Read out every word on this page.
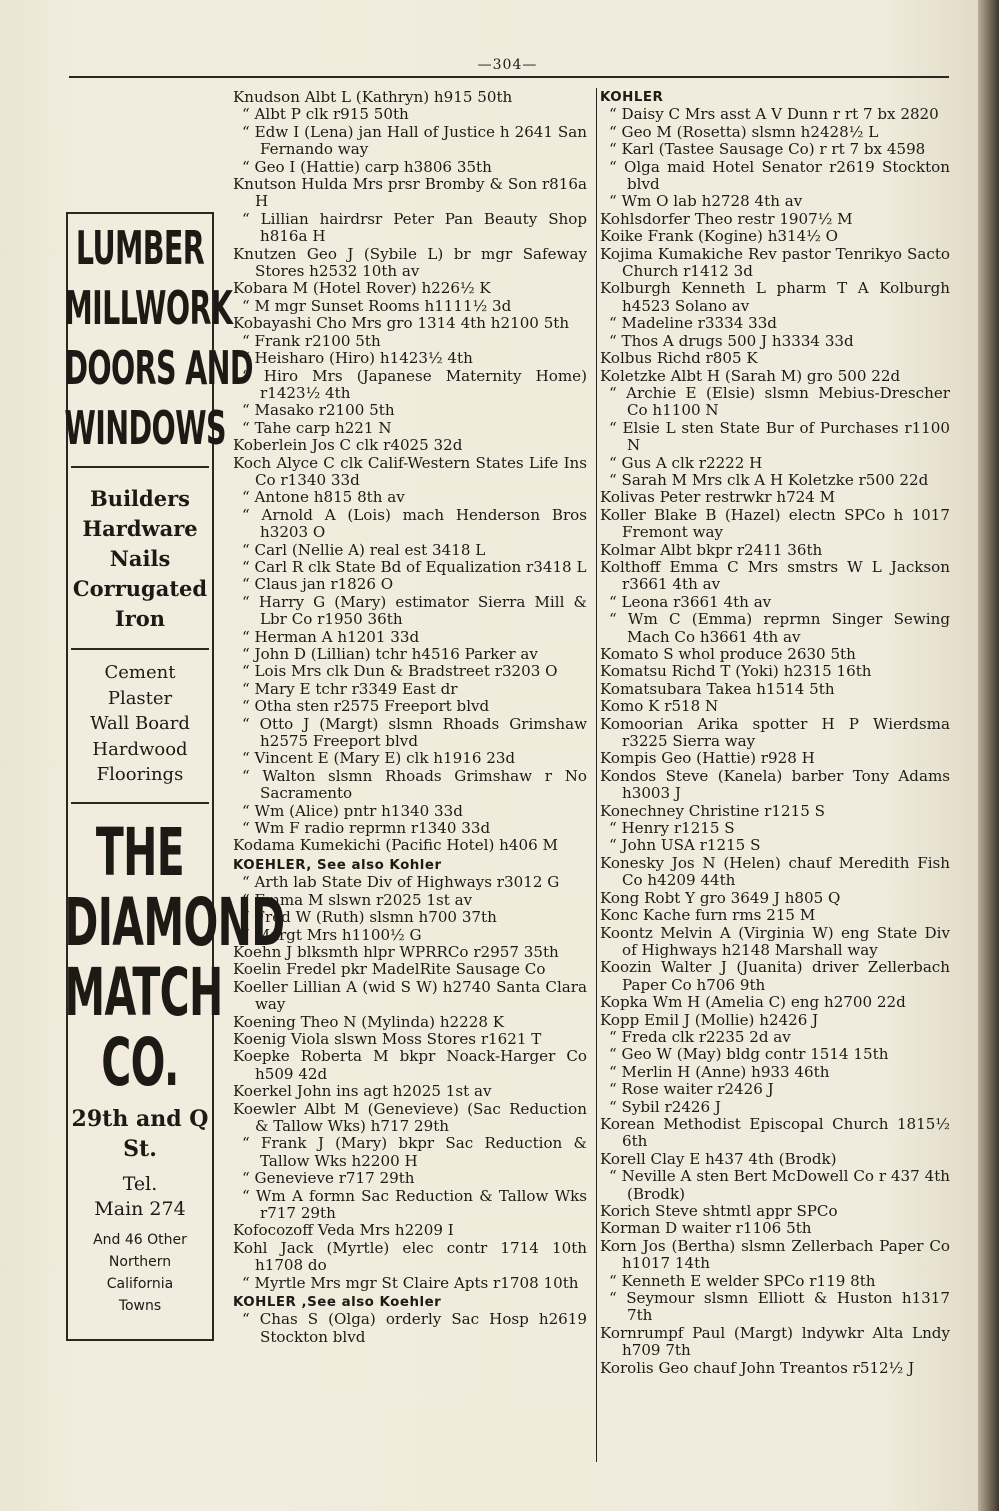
—304—
LUMBER
MILLWORK
DOORS AND
WINDOWS
Builders
Hardware
Nails
Corrugated
Iron
Cement
Plaster
Wall Board
Hardwood
Floorings
THE
DIAMOND
MATCH
CO.
29th and Q
St.
Tel.
Main 274
And 46 Other
Northern
California
Towns

Knudson Albt L (Kathryn) h915 50th

“ Albt P clk r915 50th

“ Edw I (Lena) jan Hall of Justice h 2641 San Fernando way

“ Geo I (Hattie) carp h3806 35th

Knutson Hulda Mrs prsr Bromby & Son r816a H

“ Lillian hairdrsr Peter Pan Beauty Shop h816a H

Knutzen Geo J (Sybile L) br mgr Safeway Stores h2532 10th av

Kobara M (Hotel Rover) h226½ K

“ M mgr Sunset Rooms h1111½ 3d

Kobayashi Cho Mrs gro 1314 4th h2100 5th

“ Frank r2100 5th

“ Heisharo (Hiro) h1423½ 4th

“ Hiro Mrs (Japanese Maternity Home) r1423½ 4th

“ Masako r2100 5th

“ Tahe carp h221 N

Koberlein Jos C clk r4025 32d

Koch Alyce C clk Calif-Western States Life Ins Co r1340 33d

“ Antone h815 8th av

“ Arnold A (Lois) mach Henderson Bros h3203 O

“ Carl (Nellie A) real est 3418 L

“ Carl R clk State Bd of Equalization r3418 L

“ Claus jan r1826 O

“ Harry G (Mary) estimator Sierra Mill & Lbr Co r1950 36th

“ Herman A h1201 33d

“ John D (Lillian) tchr h4516 Parker av

“ Lois Mrs clk Dun & Bradstreet r3203 O

“ Mary E tchr r3349 East dr

“ Otha sten r2575 Freeport blvd

“ Otto J (Margt) slsmn Rhoads Grimshaw h2575 Freeport blvd

“ Vincent E (Mary E) clk h1916 23d

“ Walton slsmn Rhoads Grimshaw r No Sacramento

“ Wm (Alice) pntr h1340 33d

“ Wm F radio reprmn r1340 33d

Kodama Kumekichi (Pacific Hotel) h406 M

KOEHLER, See also Kohler

“ Arth lab State Div of Highways r3012 G

“ Emma M slswn r2025 1st av

“ Fred W (Ruth) slsmn h700 37th

“ Margt Mrs h1100½ G

Koehn J blksmth hlpr WPRRCo r2957 35th

Koelin Fredel pkr MadelRite Sausage Co

Koeller Lillian A (wid S W) h2740 Santa Clara way

Koening Theo N (Mylinda) h2228 K

Koenig Viola slswn Moss Stores r1621 T

Koepke Roberta M bkpr Noack-Harger Co h509 42d

Koerkel John ins agt h2025 1st av

Koewler Albt M (Genevieve) (Sac Reduction & Tallow Wks) h717 29th

“ Frank J (Mary) bkpr Sac Reduction & Tallow Wks h2200 H

“ Genevieve r717 29th

“ Wm A formn Sac Reduction & Tallow Wks r717 29th

Kofocozoff Veda Mrs h2209 I

Kohl Jack (Myrtle) elec contr 1714 10th h1708 do

“ Myrtle Mrs mgr St Claire Apts r1708 10th

KOHLER ,See also Koehler

“ Chas S (Olga) orderly Sac Hosp h2619 Stockton blvd

KOHLER

“ Daisy C Mrs asst A V Dunn r rt 7 bx 2820

“ Geo M (Rosetta) slsmn h2428½ L

“ Karl (Tastee Sausage Co) r rt 7 bx 4598

“ Olga maid Hotel Senator r2619 Stockton blvd

“ Wm O lab h2728 4th av

Kohlsdorfer Theo restr 1907½ M

Koike Frank (Kogine) h314½ O

Kojima Kumakiche Rev pastor Tenrikyo Sacto Church r1412 3d

Kolburgh Kenneth L pharm T A Kolburgh h4523 Solano av

“ Madeline r3334 33d

“ Thos A drugs 500 J h3334 33d

Kolbus Richd r805 K

Koletzke Albt H (Sarah M) gro 500 22d

“ Archie E (Elsie) slsmn Mebius-Drescher Co h1100 N

“ Elsie L sten State Bur of Purchases r1100 N

“ Gus A clk r2222 H

“ Sarah M Mrs clk A H Koletzke r500 22d

Kolivas Peter restrwkr h724 M

Koller Blake B (Hazel) electn SPCo h 1017 Fremont way

Kolmar Albt bkpr r2411 36th

Kolthoff Emma C Mrs smstrs W L Jackson r3661 4th av

“ Leona r3661 4th av

“ Wm C (Emma) reprmn Singer Sewing Mach Co h3661 4th av

Komato S whol produce 2630 5th

Komatsu Richd T (Yoki) h2315 16th

Komatsubara Takea h1514 5th

Komo K r518 N

Komoorian Arika spotter H P Wierdsma r3225 Sierra way

Kompis Geo (Hattie) r928 H

Kondos Steve (Kanela) barber Tony Adams h3003 J

Konechney Christine r1215 S

“ Henry r1215 S

“ John USA r1215 S

Konesky Jos N (Helen) chauf Meredith Fish Co h4209 44th

Kong Robt Y gro 3649 J h805 Q

Konc Kache furn rms 215 M

Koontz Melvin A (Virginia W) eng State Div of Highways h2148 Marshall way

Koozin Walter J (Juanita) driver Zellerbach Paper Co h706 9th

Kopka Wm H (Amelia C) eng h2700 22d

Kopp Emil J (Mollie) h2426 J

“ Freda clk r2235 2d av

“ Geo W (May) bldg contr 1514 15th

“ Merlin H (Anne) h933 46th

“ Rose waiter r2426 J

“ Sybil r2426 J

Korean Methodist Episcopal Church 1815½ 6th

Korell Clay E h437 4th (Brodk)

“ Neville A sten Bert McDowell Co r 437 4th (Brodk)

Korich Steve shtmtl appr SPCo

Korman D waiter r1106 5th

Korn Jos (Bertha) slsmn Zellerbach Paper Co h1017 14th

“ Kenneth E welder SPCo r119 8th

“ Seymour slsmn Elliott & Huston h1317 7th

Kornrumpf Paul (Margt) lndywkr Alta Lndy h709 7th

Korolis Geo chauf John Treantos r512½ J
